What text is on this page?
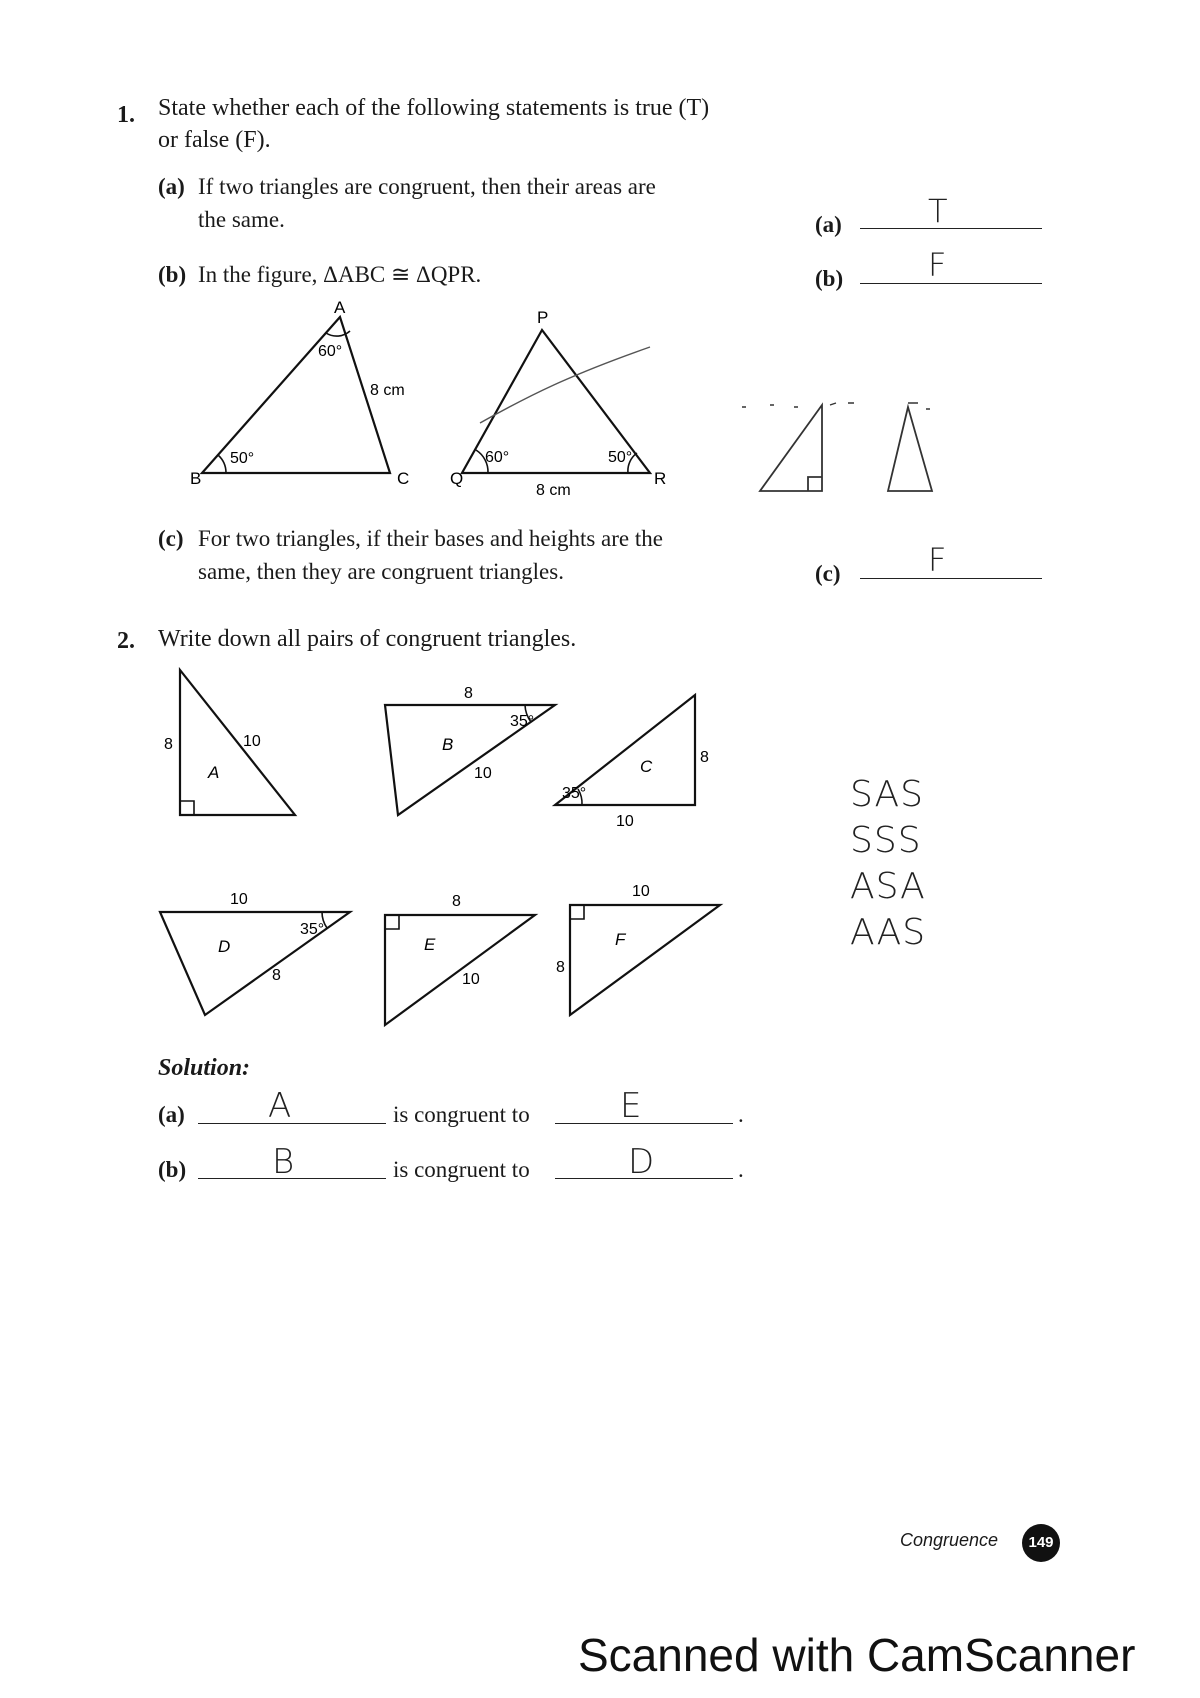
1. State whether each of the following statements is true (T)
or false (F).
(a) If two triangles are congruent, then their areas are
the same.	(a)	T
(b) In the figure, ΔABC ≅ ΔQPR.	(b)	F
A
B	C
60°
50°
8 cm
P
Q	R
60°	50°
8 cm
(c) For two triangles, if their bases and heights are the
same, then they are congruent triangles.	(c)	F
2. Write down all pairs of congruent triangles.
8	10
A
8
35°
B
10
8
C
35°
10
10
35°
D
8
8
E
10
10
F
8
SAS
SSS
ASA
AAS
Solution:
(a) A	is congruent to	E	.
(b)	B	is congruent to	D	.
Congruence	149
Scanned with CamScanner
